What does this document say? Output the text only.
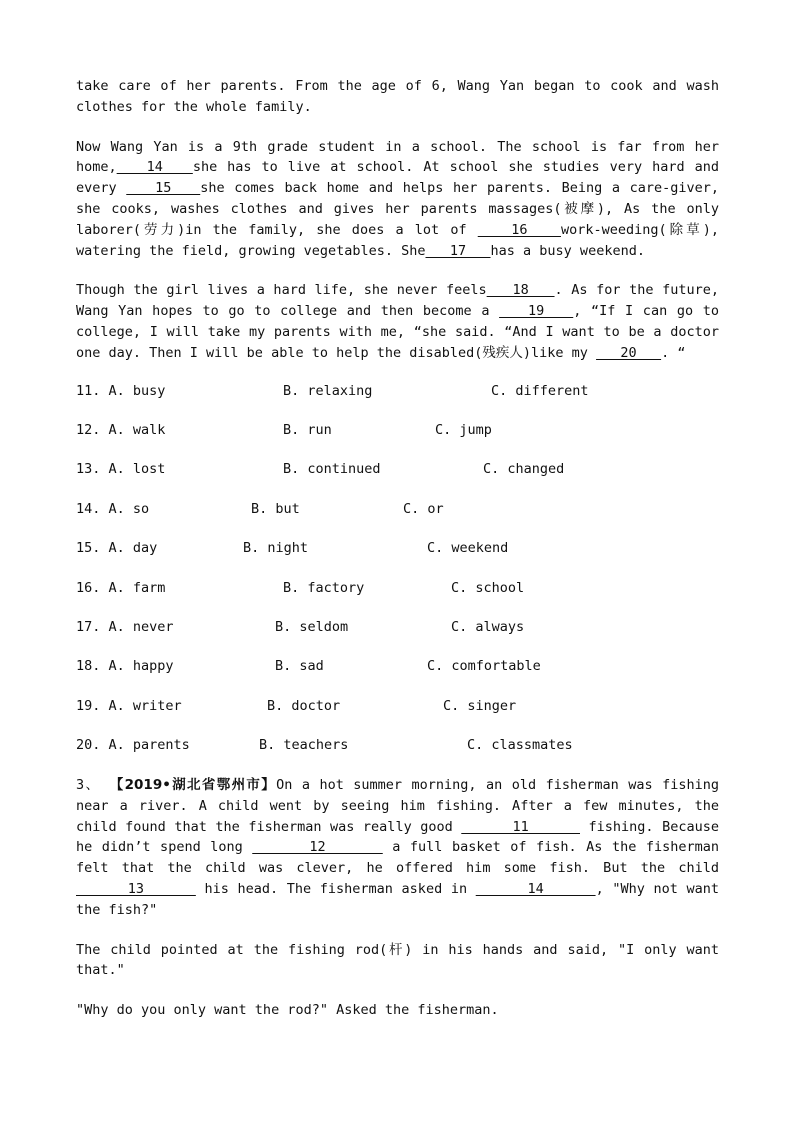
take care of her parents. From the age of 6, Wang Yan began to cook and wash clothes for the whole family.

Now Wang Yan is a 9th grade student in a school. The school is far from her home,   14   she has to live at school. At school she studies very hard and every    15   she comes back home and helps her parents. Being a care-giver, she cooks, washes clothes and gives her parents massages(被摩), As the only laborer(劳力)in the family, she does a lot of    16   work-weeding(除草), watering the field, growing vegetables. She   17   has a busy weekend.

Though the girl lives a hard life, she never feels   18   . As for the future, Wang Yan hopes to go to college and then become a    19   , “If I can go to college, I will take my parents with me, “she said. “And I want to be a doctor one day. Then I will be able to help the disabled(残疾人)like my    20   . “

11. A. busy	B. relaxing	C. different
12. A. walk	B. run	C. jump
13. A. lost	B. continued	C. changed
14. A. so	B. but	C. or
15. A. day	B. night	C. weekend
16. A. farm	B. factory	C. school
17. A. never	B. seldom	C. always
18. A. happy	B. sad	C. comfortable
19. A. writer	B. doctor	C. singer
20. A. parents	B. teachers	C. classmates

3、 【2019•湖北省鄂州市】On a hot summer morning, an old fisherman was fishing near a river. A child went by seeing him fishing. After a few minutes, the child found that the fisherman was really good       11       fishing. Because he didn’t spend long       12       a full basket of fish. As the fisherman felt that the child was clever, he offered him some fish. But the child       13       his head. The fisherman asked in       14      , "Why not want the fish?"

The child pointed at the fishing rod(杆) in his hands and said, "I only want that."

"Why do you only want the rod?" Asked the fisherman.
